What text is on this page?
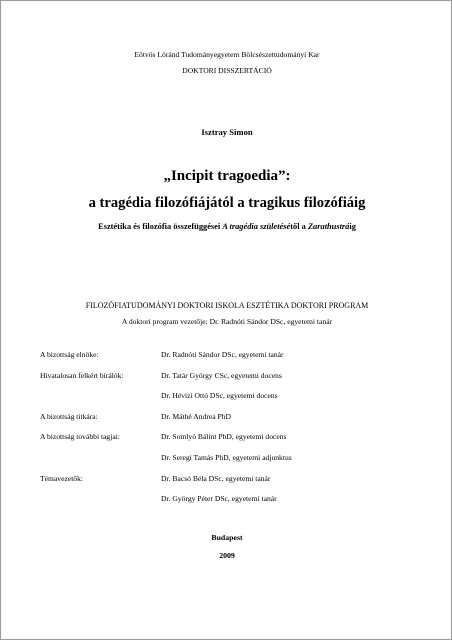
Eötvös Lóránd Tudományegyetem Bölcsészettudományi Kar
DOKTORI DISSZERTÁCIÓ
Isztray Simon
„Incipit tragoedia”:
a tragédia filozófiájától a tragikus filozófiáig
Esztétika és filozófia összefüggései A tragédia születésétől a Zarathustráig
FILOZÓFIATUDOMÁNYI DOKTORI ISKOLA ESZTÉTIKA DOKTORI PROGRAM
A doktori program vezetője: Dr. Radnóti Sándor DSc, egyetemi tanár
A bizottság elnöke:	Dr. Radnóti Sándor DSc, egyetemi tanár
Hivatalosan felkért bírálók:	Dr. Tatár György CSc, egyetemi docens
Dr. Hévizi Ottó DSc, egyetemi docens
A bizottság titkára:	Dr. Máthé Andrea PhD
A bizottság további tagjai:	Dr. Somlyó Bálint PhD, egyetemi docens
Dr. Seregi Tamás PhD, egyetemi adjunktus
Témavezetők:	Dr. Bacsó Béla DSc, egyetemi tanár
Dr. György Péter DSc, egyetemi tanár
Budapest
2009
